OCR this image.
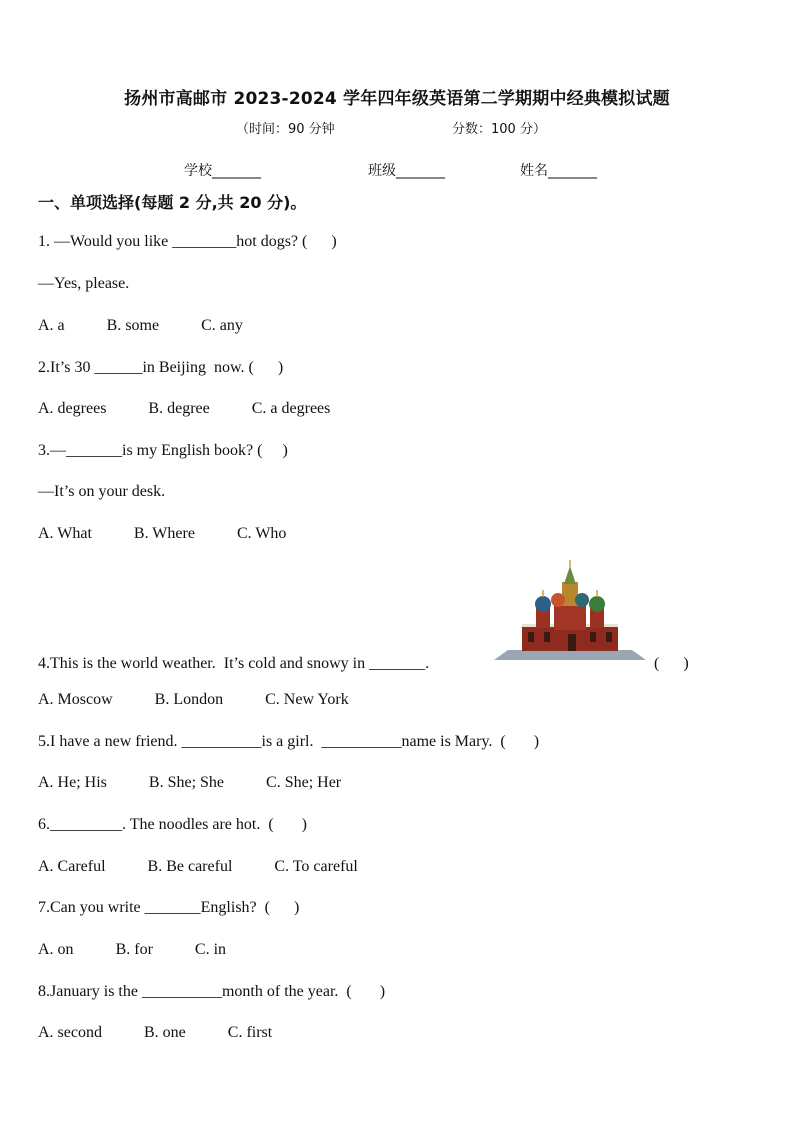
扬州市高邮市 2023-2024 学年四年级英语第二学期期中经典模拟试题
（时间：90 分钟	分数：100 分）
学校_______	班级_______	姓名_______
一、单项选择(每题 2 分,共 20 分)。
1. —Would you like ________hot dogs? (      )
—Yes, please.
A. a	B. some	C. any
2.It’s 30 ______in Beijing  now. (      )
A. degrees	B. degree	C. a degrees
3.—_______is my English book? (     )
—It’s on your desk.
A. What	B. Where	C. Who
4.This is the world weather.  It’s cold and snowy in _______.	(      )
A. Moscow	B. London	C. New York
5.I have a new friend. __________is a girl.  __________name is Mary.  (       )
A. He; His	B. She; She	C. She; Her
6._________. The noodles are hot.  (       )
A. Careful	B. Be careful	C. To careful
7.Can you write _______English?  (      )
A. on	B. for	C. in
8.January is the __________month of the year.  (       )
A. second	B. one	C. first
